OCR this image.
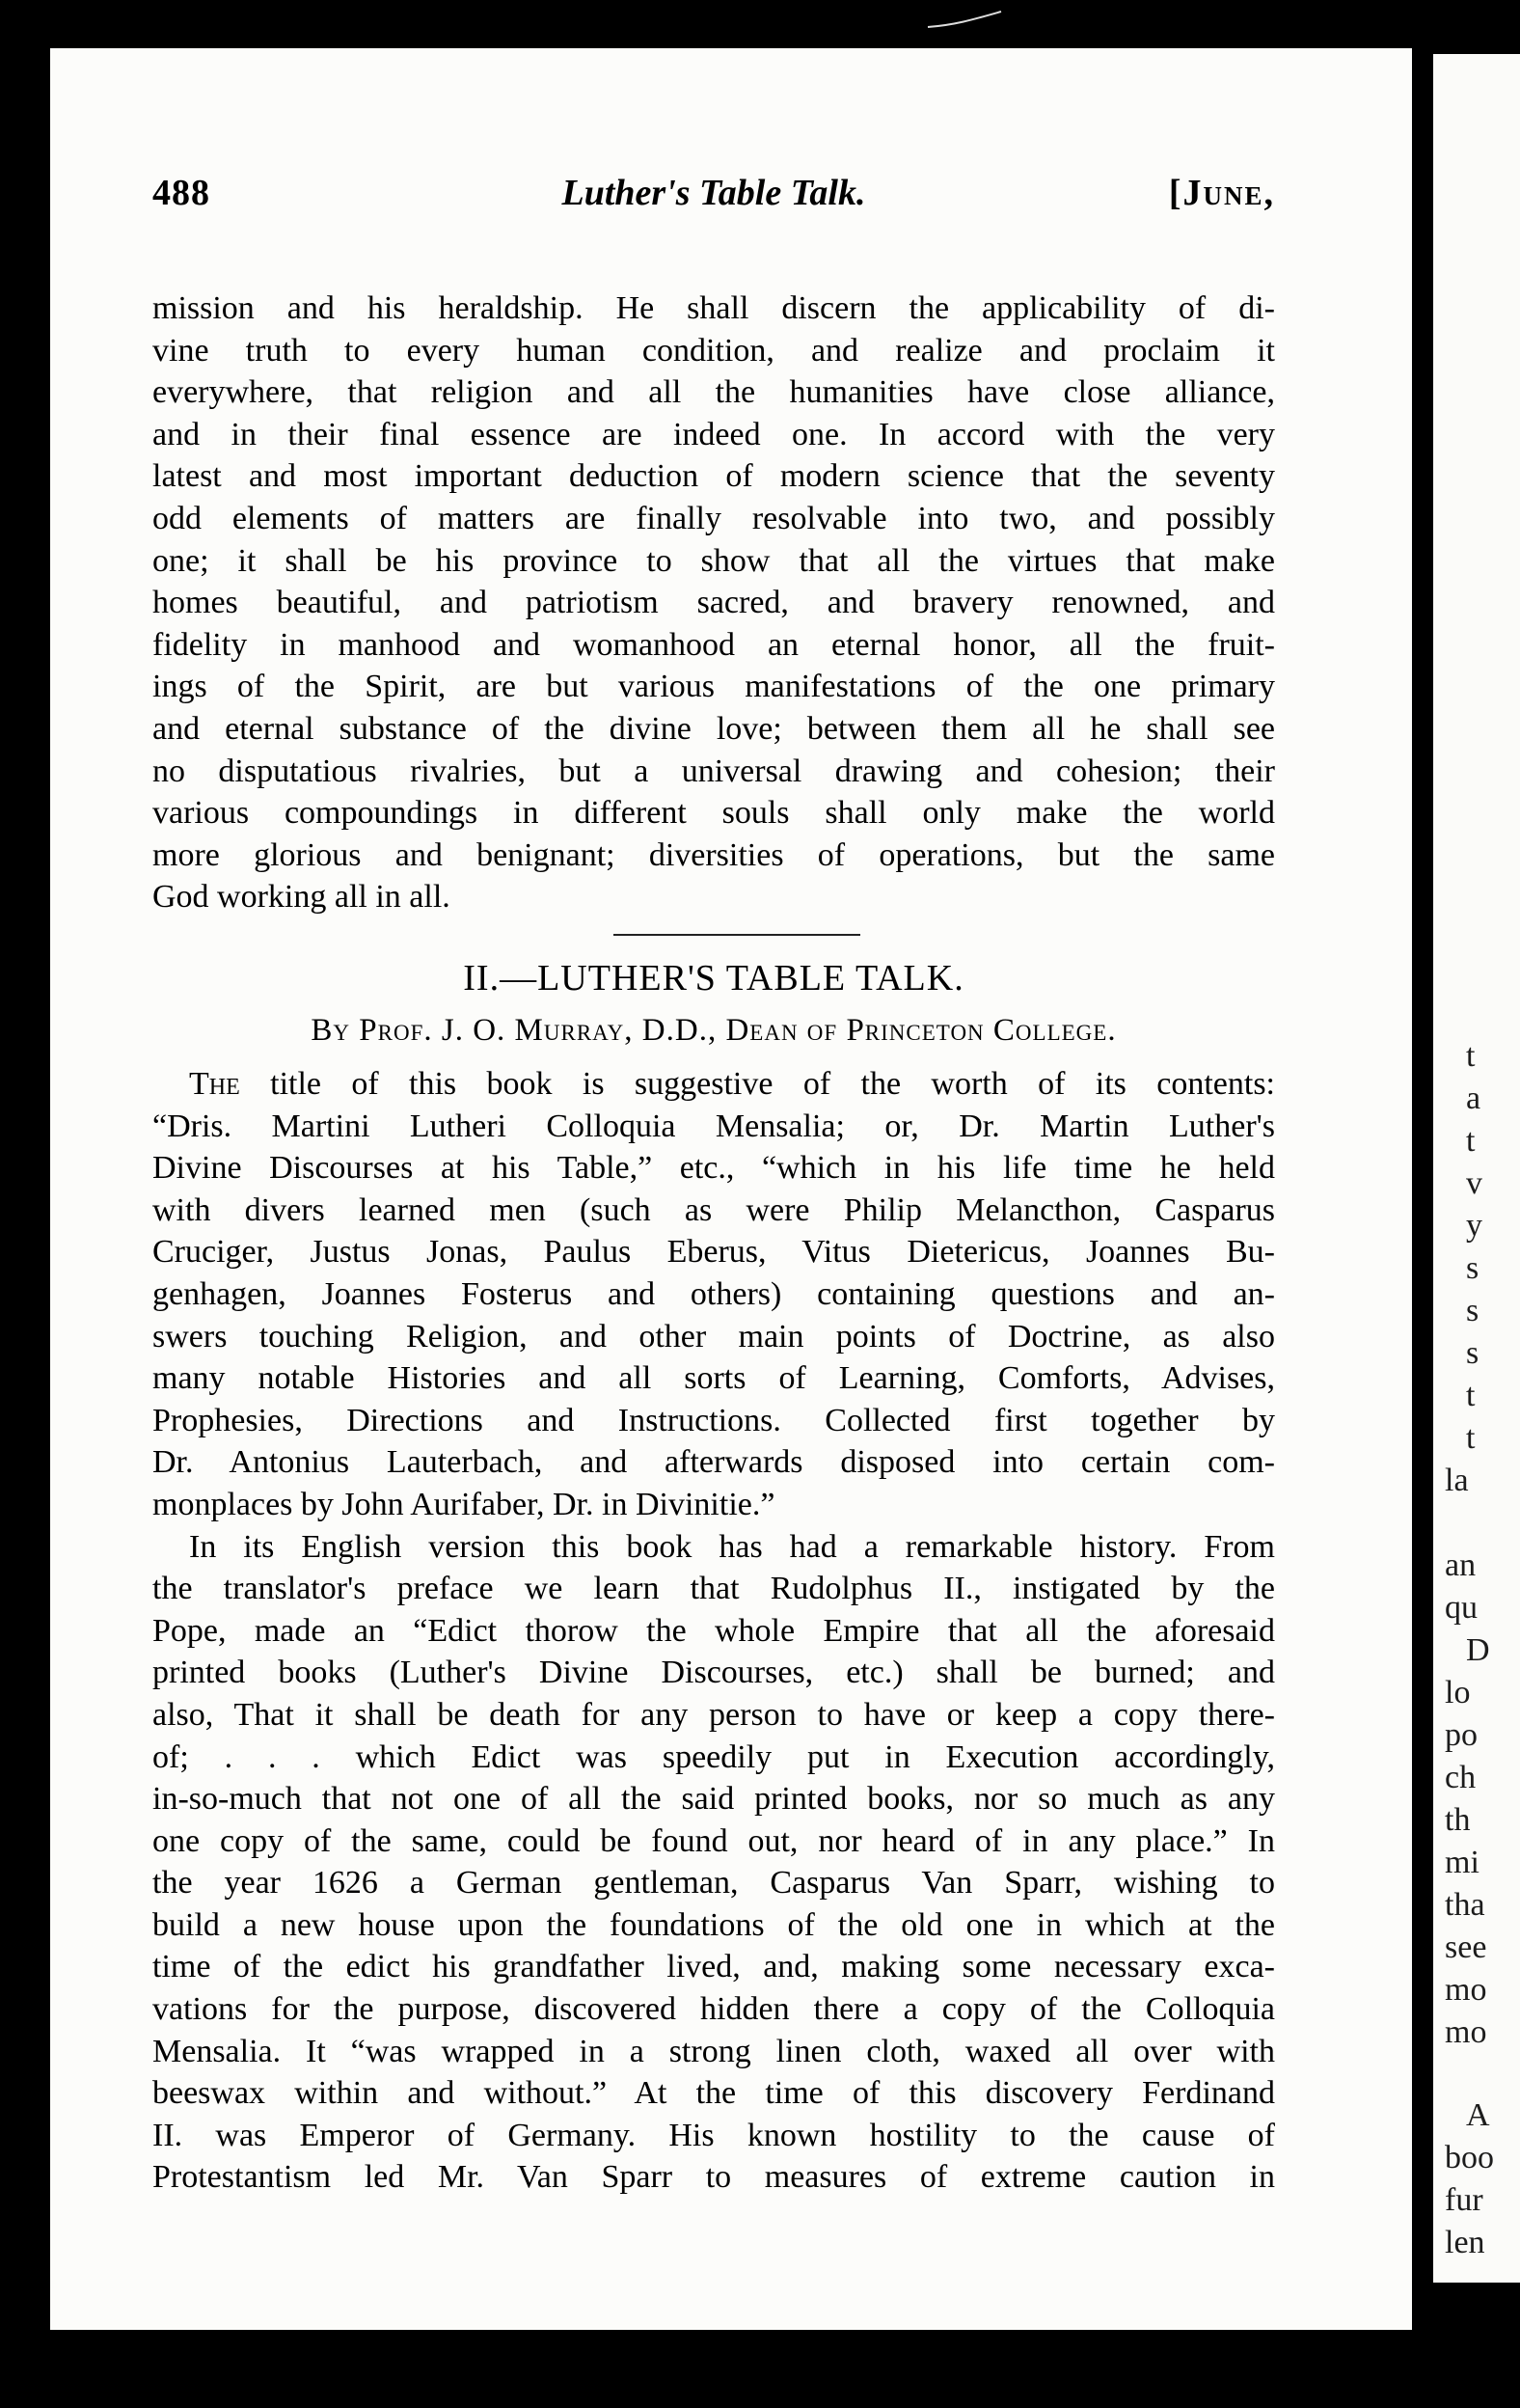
488	Luther's Table Talk.	[June,
mission and his heraldship. He shall discern the applicability of di-
vine truth to every human condition, and realize and proclaim it
everywhere, that religion and all the humanities have close alliance,
and in their final essence are indeed one. In accord with the very
latest and most important deduction of modern science that the seventy
odd elements of matters are finally resolvable into two, and possibly
one; it shall be his province to show that all the virtues that make
homes beautiful, and patriotism sacred, and bravery renowned, and
fidelity in manhood and womanhood an eternal honor, all the fruit-
ings of the Spirit, are but various manifestations of the one primary
and eternal substance of the divine love; between them all he shall see
no disputatious rivalries, but a universal drawing and cohesion; their
various compoundings in different souls shall only make the world
more glorious and benignant; diversities of operations, but the same
God working all in all.
II.—LUTHER'S TABLE TALK.
By Prof. J. O. Murray, D.D., Dean of Princeton College.
The title of this book is suggestive of the worth of its contents:
“Dris. Martini Lutheri Colloquia Mensalia; or, Dr. Martin Luther's
Divine Discourses at his Table,” etc., “which in his life time he held
with divers learned men (such as were Philip Melancthon, Casparus
Cruciger, Justus Jonas, Paulus Eberus, Vitus Dietericus, Joannes Bu-
genhagen, Joannes Fosterus and others) containing questions and an-
swers touching Religion, and other main points of Doctrine, as also
many notable Histories and all sorts of Learning, Comforts, Advises,
Prophesies, Directions and Instructions. Collected first together by
Dr. Antonius Lauterbach, and afterwards disposed into certain com-
monplaces by John Aurifaber, Dr. in Divinitie.”
In its English version this book has had a remarkable history. From
the translator's preface we learn that Rudolphus II., instigated by the
Pope, made an “Edict thorow the whole Empire that all the aforesaid
printed books (Luther's Divine Discourses, etc.) shall be burned; and
also, That it shall be death for any person to have or keep a copy there-
of; . . . which Edict was speedily put in Execution accordingly,
in-so-much that not one of all the said printed books, nor so much as any
one copy of the same, could be found out, nor heard of in any place.” In
the year 1626 a German gentleman, Casparus Van Sparr, wishing to
build a new house upon the foundations of the old one in which at the
time of the edict his grandfather lived, and, making some necessary exca-
vations for the purpose, discovered hidden there a copy of the Colloquia
Mensalia. It “was wrapped in a strong linen cloth, waxed all over with
beeswax within and without.” At the time of this discovery Ferdinand
II. was Emperor of Germany. His known hostility to the cause of
Protestantism led Mr. Van Sparr to measures of extreme caution in
t
a
t
v
y
s
s
s
t
t
la
an
qu
D
lo
po
ch
th
mi
tha
see
mo
mo
A
boo
fur
len
